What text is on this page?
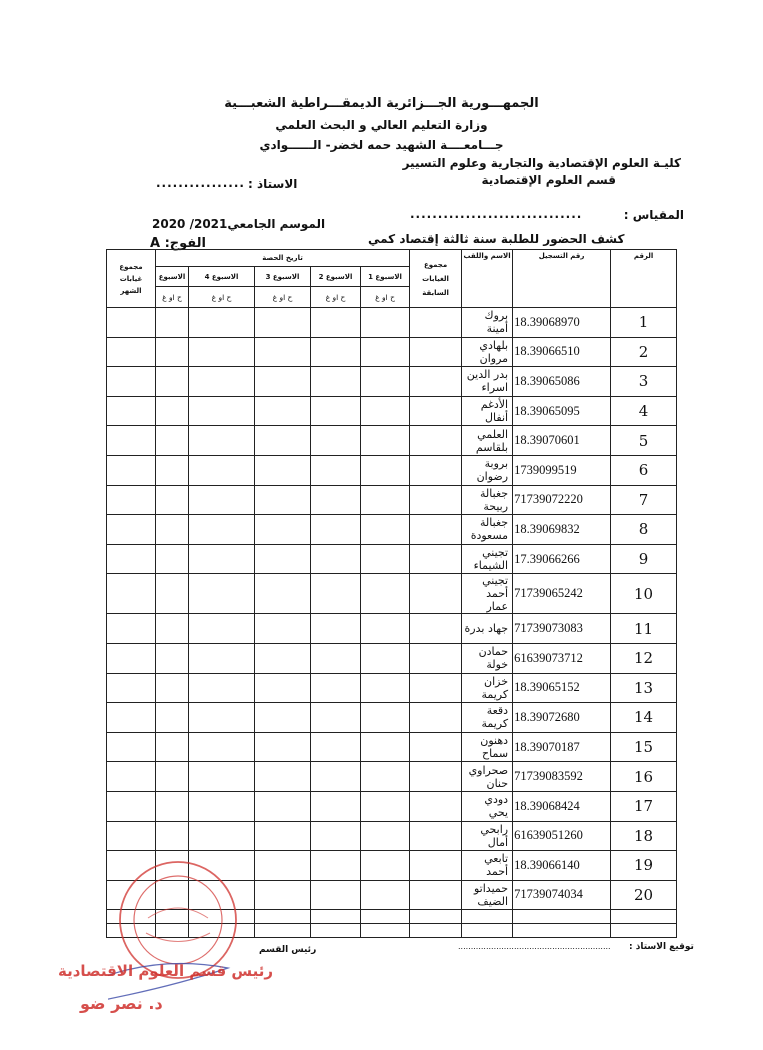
الجمهـــورية الجـــزائرية الديمقـــراطية الشعبـــية
وزارة التعليم العالي و البحث العلمي
جـــامعــــة الشهيد حمه لخضر- الــــــوادي
كليـة العلوم الإقتصادية والتجارية وعلوم التسيير
قسم العلوم الإقتصادية
الاستاذ :
................
المقياس :
...............................
الموسم الجامعي2021/ 2020
كشف الحضور للطلبة سنة ثالثة إقتصاد كمي
الفوج: A
مجموع
غيابات
الشهر	تاريخ الحصة					مجموع
الغيابات
السابقة	الاسم واللقب	رقم التسجيل	الرقم
	الاسبوع	الاسبوع 4	الاسبوع 3	الاسبوع 2	الاسبوع 1				
	ح او غ	ح او غ	ح او غ	ح او غ	ح او غ				
							بروك أمينة	18.39068970	1
							بلهادي مروان	18.39066510	2
							بدر الدين اسراء	18.39065086	3
							الأدغم أنفال	18.39065095	4
							العلمي بلقاسم	18.39070601	5
							بروبة رضوان	1739099519	6
							جغبالة ربيحة	71739072220	7
							جغبالة مسعودة	18.39069832	8
							تجيني الشيماء	17.39066266	9
							تجيني أحمد عمار	71739065242	10
							جهاد بدرة	71739073083	11
							حمادن خولة	61639073712	12
							خزان كريمة	18.39065152	13
							دقعة كريمة	18.39072680	14
							دهنون سماح	18.39070187	15
							صحراوي حنان	71739083592	16
							دودي يحي	18.39068424	17
							رابحي أمال	61639051260	18
							تابعي أحمد	18.39066140	19
							حميداتو الضيف	71739074034	20

توقيع الاستاذ :
............................................................
رئيس القسم
رئيس قسم العلوم الاقتصادية
د. نصر ضو
